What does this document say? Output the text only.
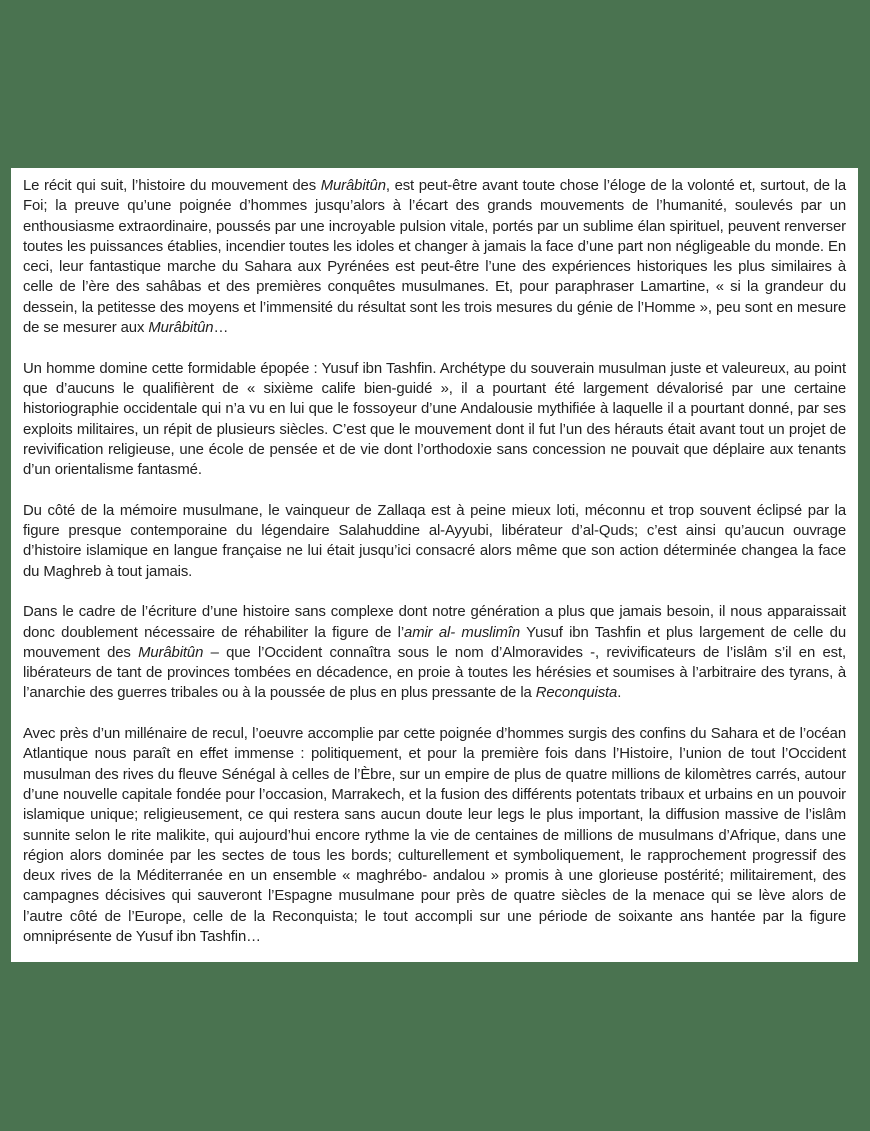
Le récit qui suit, l’histoire du mouvement des Murâbitûn, est peut-être avant toute chose l’éloge de la volonté et, surtout, de la Foi; la preuve qu’une poignée d’hommes jusqu’alors à l’écart des grands mouvements de l’humanité, soulevés par un enthousiasme extraordinaire, poussés par une incroyable pulsion vitale, portés par un sublime élan spirituel, peuvent renverser toutes les puissances établies, incendier toutes les idoles et changer à jamais la face d’une part non négligeable du monde. En ceci, leur fantastique marche du Sahara aux Pyrénées est peut-être l’une des expériences historiques les plus similaires à celle de l’ère des sahâbas et des premières conquêtes musulmanes. Et, pour paraphraser Lamartine, « si la grandeur du dessein, la petitesse des moyens et l’immensité du résultat sont les trois mesures du génie de l’Homme », peu sont en mesure de se mesurer aux Murâbitûn…

Un homme domine cette formidable épopée : Yusuf ibn Tashfin. Archétype du souverain musulman juste et valeureux, au point que d’aucuns le qualifièrent de « sixième calife bien-guidé », il a pourtant été largement dévalorisé par une certaine historiographie occidentale qui n’a vu en lui que le fossoyeur d’une Andalousie mythifiée à laquelle il a pourtant donné, par ses exploits militaires, un répit de plusieurs siècles. C’est que le mouvement dont il fut l’un des hérauts était avant tout un projet de revivification religieuse, une école de pensée et de vie dont l’orthodoxie sans concession ne pouvait que déplaire aux tenants d’un orientalisme fantasmé.

Du côté de la mémoire musulmane, le vainqueur de Zallaqa est à peine mieux loti, méconnu et trop souvent éclipsé par la figure presque contemporaine du légendaire Salahuddine al-Ayyubi, libérateur d’al-Quds; c’est ainsi qu’aucun ouvrage d’histoire islamique en langue française ne lui était jusqu’ici consacré alors même que son action déterminée changea la face du Maghreb à tout jamais.

Dans le cadre de l’écriture d’une histoire sans complexe dont notre génération a plus que jamais besoin, il nous apparaissait donc doublement nécessaire de réhabiliter la figure de l’amir al- muslimîn Yusuf ibn Tashfin et plus largement de celle du mouvement des Murâbitûn – que l’Occident connaîtra sous le nom d’Almoravides -, revivificateurs de l’islâm s’il en est, libérateurs de tant de provinces tombées en décadence, en proie à toutes les hérésies et soumises à l’arbitraire des tyrans, à l’anarchie des guerres tribales ou à la poussée de plus en plus pressante de la Reconquista.

Avec près d’un millénaire de recul, l’oeuvre accomplie par cette poignée d’hommes surgis des confins du Sahara et de l’océan Atlantique nous paraît en effet immense : politiquement, et pour la première fois dans l’Histoire, l’union de tout l’Occident musulman des rives du fleuve Sénégal à celles de l’Èbre, sur un empire de plus de quatre millions de kilomètres carrés, autour d’une nouvelle capitale fondée pour l’occasion, Marrakech, et la fusion des différents potentats tribaux et urbains en un pouvoir islamique unique; religieusement, ce qui restera sans aucun doute leur legs le plus important, la diffusion massive de l’islâm sunnite selon le rite malikite, qui aujourd’hui encore rythme la vie de centaines de millions de musulmans d’Afrique, dans une région alors dominée par les sectes de tous les bords; culturellement et symboliquement, le rapprochement progressif des deux rives de la Méditerranée en un ensemble « maghrébo- andalou » promis à une glorieuse postérité; militairement, des campagnes décisives qui sauveront l’Espagne musulmane pour près de quatre siècles de la menace qui se lève alors de l’autre côté de l’Europe, celle de la Reconquista; le tout accompli sur une période de soixante ans hantée par la figure omniprésente de Yusuf ibn Tashfin…
